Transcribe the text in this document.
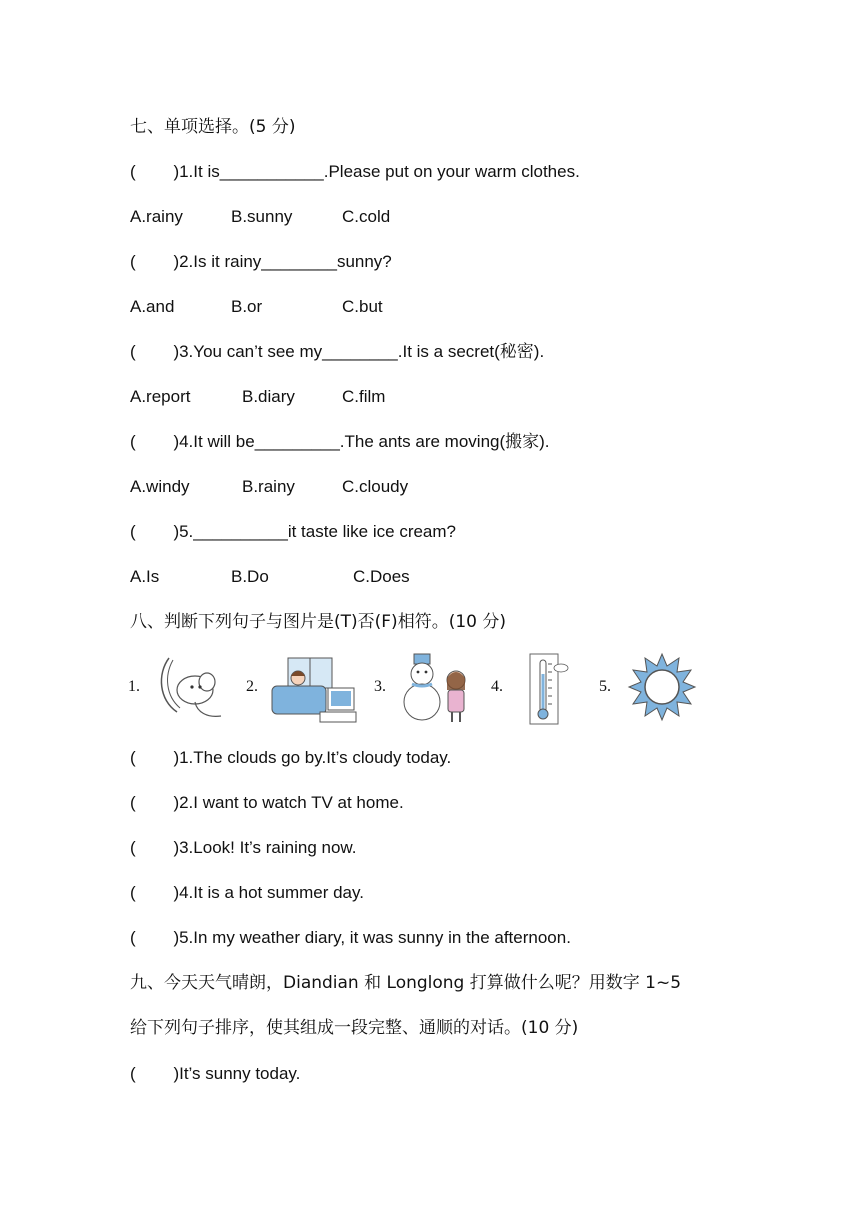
七、单项选择。(5 分)
(        )1.It is___________.Please put on your warm clothes.
A.rainy	B.sunny	C.cold
(        )2.Is it rainy________sunny?
A.and	B.or	C.but
(        )3.You can’t see my________.It is a secret(秘密).
A.report	B.diary	C.film
(        )4.It will be_________.The ants are moving(搬家).
A.windy	B.rainy	C.cloudy
(        )5.__________it taste like ice cream?
A.Is	B.Do	C.Does
八、判断下列句子与图片是(T)否(F)相符。(10 分)
1.	2.	3.	4.	5.
(        )1.The clouds go by.It’s cloudy today.
(        )2.I want to watch TV at home.
(        )3.Look! It’s raining now.
(        )4.It is a hot summer day.
(        )5.In my weather diary, it was sunny in the afternoon.
九、今天天气晴朗，Diandian 和 Longlong 打算做什么呢？用数字 1~5
给下列句子排序，使其组成一段完整、通顺的对话。(10 分)
(        )It’s sunny today.
